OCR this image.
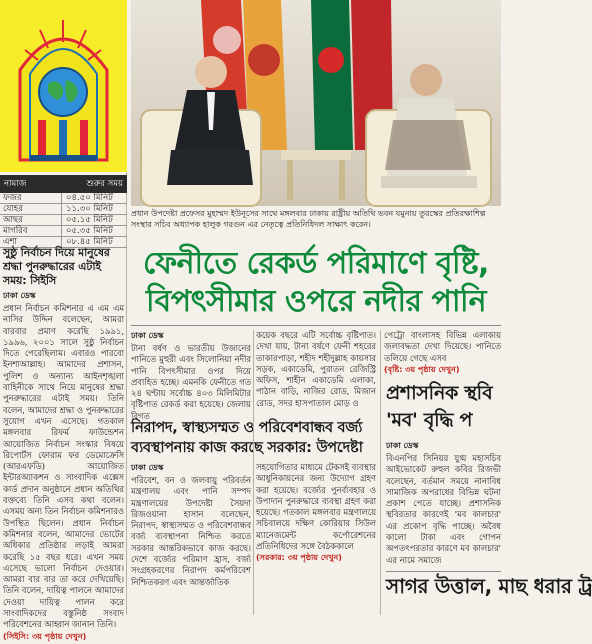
নামাজ	শুরুর সময়
ফজর	০৪.৫০ মিনিট
যোহর	১১.৩০ মিনিট
আছর	০৫.১৫ মিনিট
মাগরিব	০৫.৩৫ মিনিট
এশা	০৮.৪৫ মিনিট
সুষ্ঠু নির্বাচন দিয়ে মানুষের শ্রদ্ধা পুনরুদ্ধারের এটাই সময়: সিইসি
ঢাকা ডেস্ক

প্রধান নির্বাচন কমিশনার এ এম এম নাসির উদ্দিন বলেছেন, আমরা বারবার প্রমাণ করেছি ১৯৯১, ১৯৯৬, ২০০১ সালে সুষ্ঠু নির্বাচন দিতে পেরেছিলাম। এবারও পারবো ইনশাআল্লাহ। আমাদের প্রশাসন, পুলিশ ও অন্যান্য আইনশৃঙ্খলা বাহিনীকে সাথে নিয়ে মানুষের শ্রদ্ধা পুনরুদ্ধারের এটাই সময়। তিনি বলেন, আমাদের শ্রদ্ধা ও পুনরুদ্ধারের সুযোগ এখন এসেছে। গতকাল মঙ্গলবার রিফর্ম ফাউন্ডেশন আয়োজিত নির্বাচন সংস্কার বিষয়ে রিপোর্টস ফোরাম ফর ডেমোক্রেসি (আরএফডি) আয়োজিত ইন্টারঅ্যাকশন ও সাংবাদিক এক্সেস কার্ড প্রদান অনুষ্ঠানে প্রধান অতিথির বক্তব্যে তিনি এসব কথা বলেন। এসময় অন্য তিন নির্বাচন কমিশনারও উপস্থিত ছিলেন। প্রধান নির্বাচন কমিশনার বলেন, আমাদের ভোটের অধিকার প্রতিষ্ঠার লড়াই আমরা করেছি ১৫ বছর ধরে। এখন সময় এসেছে ভালো নির্বাচন দেওয়ার। আমরা বার বার তা করে দেখিয়েছি। তিনি বলেন, দায়িত্ব পালনে আমাদের দেওয়া দায়িত্ব পালন করে সাংবাদিকদের বস্তুনিষ্ঠ সংবাদ পরিবেশনের আহ্বান জানান তিনি।

(সিইসি: ৩য় পৃষ্ঠায় দেখুন)

প্রধান উপদেষ্টা প্রফেসর মুহাম্মদ ইউনূসের সাথে মঙ্গলবার ঢাকায় রাষ্ট্রীয় অতিথি ভবন যমুনায় তুরস্কের প্রতিরক্ষাশিল্প সংস্থার সচিব অধ্যাপক হালুক গরগুন এর নেতৃত্বে প্রতিনিধিদল সাক্ষাৎ করেন।
ফেনীতে রেকর্ড পরিমাণে বৃষ্টি,
বিপৎসীমার ওপরে নদীর পানি
ঢাকা ডেস্ক

টানা বর্ষণ ও ভারতীয় উজানের পানিতে মুহুরী এবং সিলোনিয়া নদীর পানি বিপৎসীমার ওপর দিয়ে প্রবাহিত হচ্ছে। এমনকি ফেনীতে গত ২৪ ঘণ্টায় সর্বোচ্চ ৪০৩ মিলিমিটার বৃষ্টিপাত রেকর্ড করা হয়েছে। জেলায় বিগত

কয়েক বছরে এটি সর্বোচ্চ বৃষ্টিপাত। দেখা যায়, টানা বর্ষণে ফেনী শহরের তাকারপাড়া, শহীদ শহীদুল্লাহ কায়সার সড়ক, একাডেমি, পুরাতন রেজিস্ট্রি অফিস, শাহীন একাডেমি এলাকা, পাঠান বাড়ি, নাজির রোড, মিজান রোড, সদর হাসপাতাল মোড় ও

পেট্রো বাংলাসহ বিভিন্ন এলাকায় জলাবদ্ধতা দেখা দিয়েছে। পানিতে তলিয়ে গেছে এসব

(বৃষ্টি: ৩য় পৃষ্ঠায় দেখুন)

নিরাপদ, স্বাস্থ্যসম্মত ও পরিবেশবান্ধব বর্জ্য ব্যবস্থাপনায় কাজ করছে সরকার: উপদেষ্টা
ঢাকা ডেস্ক

পরিবেশ, বন ও জলবায়ু পরিবর্তন মন্ত্রণালয় এবং পানি সম্পদ মন্ত্রণালয়ের উপদেষ্টা সৈয়দা রিজওয়ানা হাসান বলেছেন, নিরাপদ, স্বাস্থ্যসম্মত ও পরিবেশবান্ধব বর্জ্য ব্যবস্থাপনা নিশ্চিত করতে সরকার আন্তরিকভাবে কাজ করছে। দেশে বর্জ্যের পরিমাণ হ্রাস, বর্জ্য সংগ্রহকরণের নিরাপদ কর্মপরিবেশ নিশ্চিতকরণ এবং আন্তর্জাতিক

সহযোগিতার মাধ্যমে টেকসই ব্যবস্থার আধুনিকায়নের জন্য উদ্যোগ গ্রহণ করা হয়েছে। বর্জ্যের পুনর্ব্যবহার ও উপাদান পুনরুদ্ধারে ব্যবস্থা গ্রহণ করা হয়েছে। গতকাল মঙ্গলবার মন্ত্রণালয়ে সচিবালয়ে দক্ষিণ কোরিয়ার সিউল ম্যানেজমেন্ট কর্পোরেশনের প্রতিনিধিদের সঙ্গে বৈঠককালে

(সরকার: ৩য় পৃষ্ঠায় দেখুন)

প্রশাসনিক স্থবি
'মব' বৃদ্ধি প
ঢাকা ডেস্ক

বিএনপির সিনিয়র যুগ্ম মহাসচিব আইভোকেট রুহুল কবির রিজভী বলেছেন, বর্তমান সময়ে নানাবিধ সামাজিক অপরাধের বিভিন্ন ঘটনা প্রকাশ পেতে যাচ্ছে। প্রশাসনিক স্থবিরতার কারণেই 'মব কালচার' এর প্রকোপ বৃদ্ধি পাচ্ছে। অবৈধ কালো টাকা এবং গোপন অপতৎপরতার কারণে মব কালচার' এর নামে সমাজে

সাগর উত্তাল, মাছ ধরার ট্র
